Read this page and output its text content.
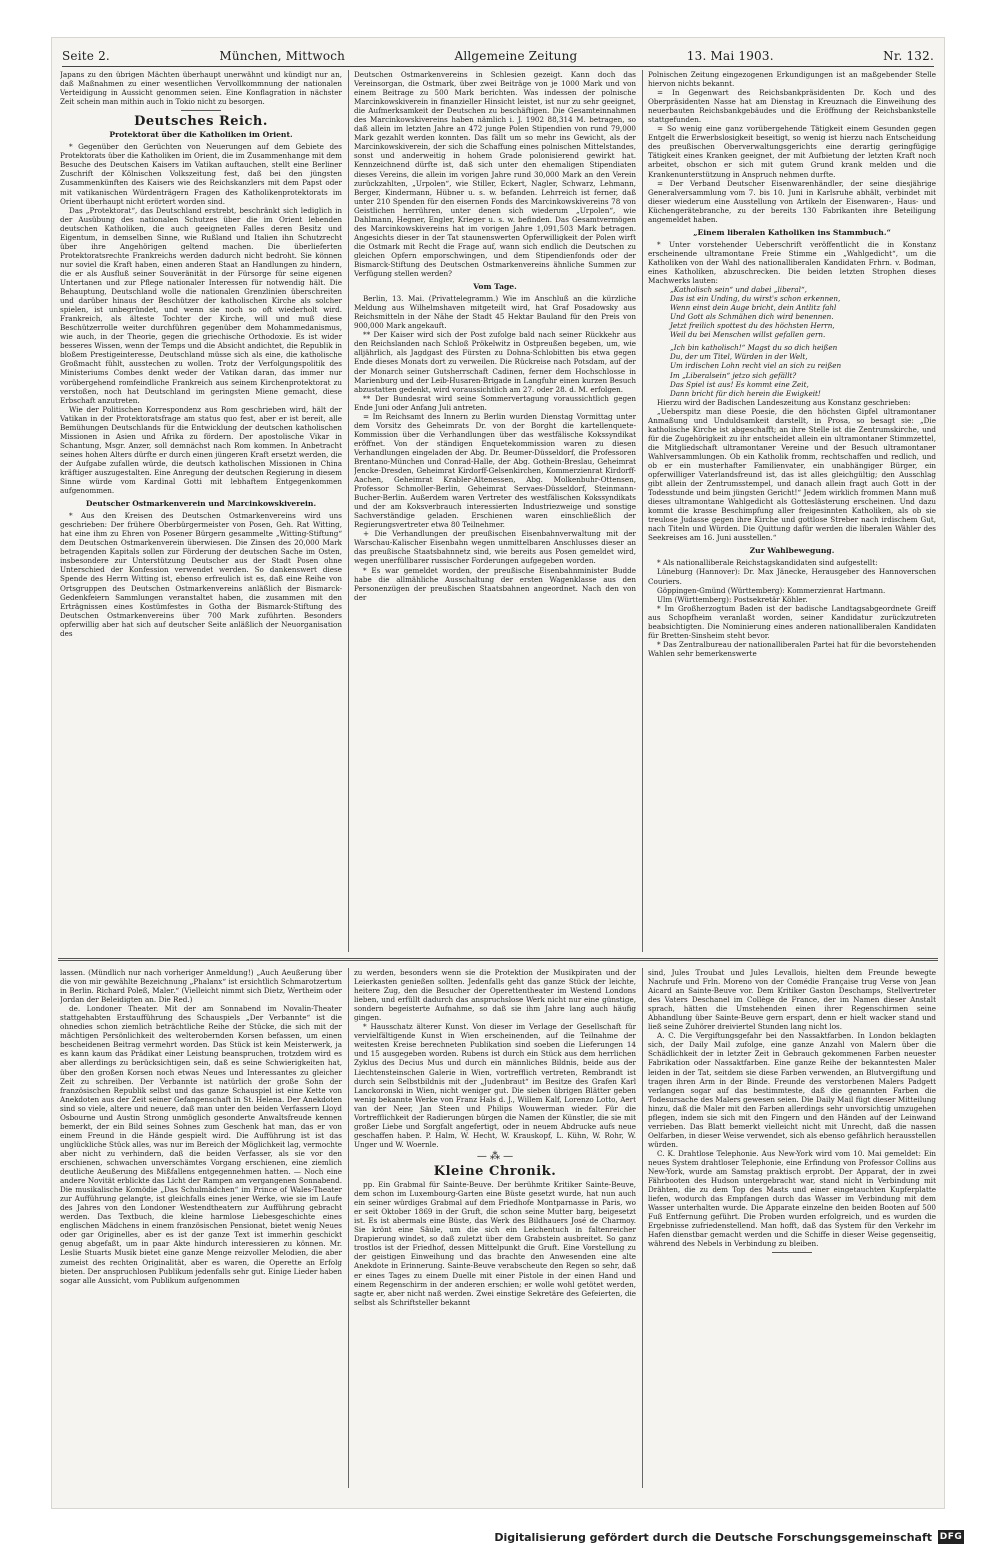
Seite 2.	München, Mittwoch	Allgemeine Zeitung	13. Mai 1903.	Nr. 132.

Japans zu den übrigen Mächten überhaupt unerwähnt und kündigt nur an, daß Maßnahmen zu einer wesentlichen Vervollkommnung der nationalen Verteidigung in Aussicht genommen seien. Eine Konflagration in nächster Zeit schein man mithin auch in Tokio nicht zu besorgen.

Deutsches Reich.
Protektorat über die Katholiken im Orient.

* Gegenüber den Gerüchten von Neuerungen auf dem Gebiete des Protektorats über die Katholiken im Orient, die im Zusammenhange mit dem Besuche des Deutschen Kaisers im Vatikan auftauchen, stellt eine Berliner Zuschrift der Kölnischen Volkszeitung fest, daß bei den jüngsten Zusammenkünften des Kaisers wie des Reichskanzlers mit dem Papst oder mit vatikanischen Würdenträgern Fragen des Katholikenprotektorats im Orient überhaupt nicht erörtert worden sind.

Das „Protektorat“, das Deutschland erstrebt, beschränkt sich lediglich in der Ausübung des nationalen Schutzes über die im Orient lebenden deutschen Katholiken, die auch geeigneten Falles deren Besitz und Eigentum, in demselben Sinne, wie Rußland und Italien ihn Schutzrecht über ihre Angehörigen geltend machen. Die überlieferten Protektoratsrechte Frankreichs werden dadurch nicht bedroht. Sie können nur soviel die Kraft haben, einen anderen Staat an Handlungen zu hindern, die er als Ausfluß seiner Souveränität in der Fürsorge für seine eigenen Untertanen und zur Pflege nationaler Interessen für notwendig hält. Die Behauptung, Deutschland wolle die nationalen Grenzlinien überschreiten und darüber hinaus der Beschützer der katholischen Kirche als solcher spielen, ist unbegründet, und wenn sie noch so oft wiederholt wird. Frankreich, als älteste Tochter der Kirche, will und muß diese Beschützerrolle weiter durchführen gegenüber dem Mohammedanismus, wie auch, in der Theorie, gegen die griechische Orthodoxie. Es ist wider besseres Wissen, wenn der Temps und die Absicht andichtet, die Republik in bloßem Prestigeinteresse, Deutschland müsse sich als eine, die katholische Großmacht fühlt, ausstechen zu wollen. Trotz der Verfolgungspolitik des Ministeriums Combes denkt weder der Vatikan daran, das immer nur vorübergehend romfeindliche Frankreich aus seinem Kirchenprotektorat zu verstoßen, noch hat Deutschland im geringsten Miene gemacht, diese Erbschaft anzutreten.

Wie der Politischen Korrespondenz aus Rom geschrieben wird, hält der Vatikan in der Protektoratsfrage am status quo fest, aber er ist bereit, alle Bemühungen Deutschlands für die Entwicklung der deutschen katholischen Missionen in Asien und Afrika zu fördern. Der apostolische Vikar in Schantung, Msgr. Anzer, soll demnächst nach Rom kommen. In Anbetracht seines hohen Alters dürfte er durch einen jüngeren Kraft ersetzt werden, die der Aufgabe zufallen würde, die deutsch katholischen Missionen in China kräftiger auszugestalten. Eine Anregung der deutschen Regierung in diesem Sinne würde vom Kardinal Gotti mit lebhaftem Entgegenkommen aufgenommen.

Deutscher Ostmarkenverein und Marcinkowskiverein.

* Aus den Kreisen des Deutschen Ostmarkenvereins wird uns geschrieben: Der frühere Oberbürgermeister von Posen, Geh. Rat Witting, hat eine ihm zu Ehren von Posener Bürgern gesammelte „Witting-Stiftung“ dem Deutschen Ostmarkenverein überwiesen. Die Zinsen des 20,000 Mark betragenden Kapitals sollen zur Förderung der deutschen Sache im Osten, insbesondere zur Unterstützung Deutscher aus der Stadt Posen ohne Unterschied der Konfession verwendet werden. So dankenswert diese Spende des Herrn Witting ist, ebenso erfreulich ist es, daß eine Reihe von Ortsgruppen des Deutschen Ostmarkenvereins anläßlich der Bismarck-Gedenkfeiern Sammlungen veranstaltet haben, die zusammen mit den Erträgnissen eines Kostümfestes in Gotha der Bismarck-Stiftung des Deutschen Ostmarkenvereins über 700 Mark zuführten. Besonders opferwillig aber hat sich auf deutscher Seite anläßlich der Neuorganisation des

Deutschen Ostmarkenvereins in Schlesien gezeigt. Kann doch das Vereinsorgan, die Ostmark, über zwei Beiträge von je 1000 Mark und von einem Beitrage zu 500 Mark berichten. Was indessen der polnische Marcinkowskiverein in finanzieller Hinsicht leistet, ist nur zu sehr geeignet, die Aufmerksamkeit der Deutschen zu beschäftigen. Die Gesamteinnahmen des Marcinkowskivereins haben nämlich i. J. 1902 88,314 M. betragen, so daß allein im letzten Jahre an 472 junge Polen Stipendien von rund 79,000 Mark gezahlt werden konnten. Das fällt um so mehr ins Gewicht, als der Marcinkowskiverein, der sich die Schaffung eines polnischen Mittelstandes, sonst und anderweitig in hohem Grade polonisierend gewirkt hat. Kennzeichnend dürfte ist, daß sich unter den ehemaligen Stipendiaten dieses Vereins, die allein im vorigen Jahre rund 30,000 Mark an den Verein zurückzahlten, „Urpolen“, wie Stiller, Eckert, Nagler, Schwarz, Lehmann, Berger, Kindermann, Hübner u. s. w. befanden. Lehrreich ist ferner, daß unter 210 Spenden für den eisernen Fonds des Marcinkowskivereins 78 von Geistlichen herrühren, unter denen sich wiederum „Urpolen“, wie Dahlmann, Hegner, Engler, Krieger u. s. w. befinden. Das Gesamtvermögen des Marcinkowskivereins hat im vorigen Jahre 1,091,503 Mark betragen. Angesichts dieser in der Tat staunenswerten Opferwilligkeit der Polen wirft die Ostmark mit Recht die Frage auf, wann sich endlich die Deutschen zu gleichen Opfern emporschwingen, und dem Stipendienfonds oder der Bismarck-Stiftung des Deutschen Ostmarkenvereins ähnliche Summen zur Verfügung stellen werden?

Vom Tage.

Berlin, 13. Mai. (Privattelegramm.) Wie im Anschluß an die kürzliche Meldung aus Wilhelmshaven mitgeteilt wird, hat Graf Posadowsky aus Reichsmitteln in der Nähe der Stadt 45 Hektar Bauland für den Preis von 900,000 Mark angekauft.

** Der Kaiser wird sich der Post zufolge bald nach seiner Rückkehr aus den Reichslanden nach Schloß Prökelwitz in Ostpreußen begeben, um, wie alljährlich, als Jagdgast des Fürsten zu Dohna-Schlobitten bis etwa gegen Ende dieses Monats dort zu verweilen. Die Rückreise nach Potsdam, auf der der Monarch seiner Gutsherrschaft Cadinen, ferner dem Hochschlosse in Marienburg und der Leib-Husaren-Brigade in Langfuhr einen kurzen Besuch abzustatten gedenkt, wird voraussichtlich am 27. oder 28. d. M. erfolgen.

** Der Bundesrat wird seine Sommervertagung voraussichtlich gegen Ende Juni oder Anfang Juli antreten.

= Im Reichsamt des Innern zu Berlin wurden Dienstag Vormittag unter dem Vorsitz des Geheimrats Dr. von der Borght die kartellenquete-Kommission über die Verhandlungen über das westfälische Kokssyndikat eröffnet. Von der ständigen Enquetekommission waren zu diesen Verhandlungen eingeladen der Abg. Dr. Beumer-Düsseldorf, die Professoren Brentano-München und Conrad-Halle, der Abg. Gothein-Breslau, Geheimrat Jencke-Dresden, Geheimrat Kirdorff-Gelsenkirchen, Kommerzienrat Kirdorff-Aachen, Geheimrat Krabler-Altenessen, Abg. Molkenbuhr-Ottensen, Professor Schmoller-Berlin, Geheimrat Servaes-Düsseldorf, Steinmann-Bucher-Berlin. Außerdem waren Vertreter des westfälischen Kokssyndikats und der am Koksverbrauch interessierten Industriezweige und sonstige Sachverständige geladen. Erschienen waren einschließlich der Regierungsvertreter etwa 80 Teilnehmer.

+ Die Verhandlungen der preußischen Eisenbahnverwaltung mit der Warschau-Kalischer Eisenbahn wegen unmittelbaren Anschlusses dieser an das preußische Staatsbahnnetz sind, wie bereits aus Posen gemeldet wird, wegen unerfüllbarer russischer Forderungen aufgegeben worden.

* Es war gemeldet worden, der preußische Eisenbahnminister Budde habe die allmähliche Ausschaltung der ersten Wagenklasse aus den Personenzügen der preußischen Staatsbahnen angeordnet. Nach den von der

Polnischen Zeitung eingezogenen Erkundigungen ist an maßgebender Stelle hiervon nichts bekannt.

= In Gegenwart des Reichsbankpräsidenten Dr. Koch und des Oberpräsidenten Nasse hat am Dienstag in Kreuznach die Einweihung des neuerbauten Reichsbankgebäudes und die Eröffnung der Reichsbankstelle stattgefunden.

= So wenig eine ganz vorübergehende Tätigkeit einem Gesunden gegen Entgelt die Erwerbslosigkeit beseitigt, so wenig ist hierzu nach Entscheidung des preußischen Oberverwaltungsgerichts eine derartig geringfügige Tätigkeit eines Kranken geeignet, der mit Aufbietung der letzten Kraft noch arbeitet, obschon er sich mit gutem Grund krank melden und die Krankenunterstützung in Anspruch nehmen durfte.

= Der Verband Deutscher Eisenwarenhändler, der seine diesjährige Generalversammlung vom 7. bis 10. Juni in Karlsruhe abhält, verbindet mit dieser wiederum eine Ausstellung von Artikeln der Eisenwaren-, Haus- und Küchengerätebranche, zu der bereits 130 Fabrikanten ihre Beteiligung angemeldet haben.

„Einem liberalen Katholiken ins Stammbuch.“

* Unter vorstehender Ueberschrift veröffentlicht die in Konstanz erscheinende ultramontane Freie Stimme ein „Wahlgedicht“, um die Katholiken von der Wahl des nationalliberalen Kandidaten Frhrn. v. Bodman, eines Katholiken, abzuschrecken. Die beiden letzten Strophen dieses Machwerks lauten:

„Katholisch sein“ und dabei „liberal“,
Das ist ein Unding, du wirst's schon erkennen,
Wenn einst dein Auge bricht, dein Antlitz fahl
Und Gott als Schmähen dich wird benennen.
Jetzt freilich spottest du des höchsten Herrn,
Weil du bei Menschen willst gefallen gern.
„Ich bin katholisch!“ Magst du so dich heißen
Du, der um Titel, Würden in der Welt,
Um irdischen Lohn recht viel an sich zu reißen
Im „Liberalsein“ jetzo sich gefällt?
Das Spiel ist aus! Es kommt eine Zeit,
Dann bricht für dich herein die Ewigkeit!

Hierzu wird der Badischen Landeszeitung aus Konstanz geschrieben:

„Ueberspitz man diese Poesie, die den höchsten Gipfel ultramontaner Anmaßung und Unduldsamkeit darstellt, in Prosa, so besagt sie: „Die katholische Kirche ist abgeschafft; an ihre Stelle ist die Zentrumskirche, und für die Zugehörigkeit zu ihr entscheidet allein ein ultramontaner Stimmzettel, die Mitgliedschaft ultramontaner Vereine und der Besuch ultramontaner Wahlversammlungen. Ob ein Katholik fromm, rechtschaffen und redlich, und ob er ein musterhafter Familienvater, ein unabhängiger Bürger, ein opferwilliger Vaterlandsfreund ist, das ist alles gleichgültig; den Ausschlag gibt allein der Zentrumsstempel, und danach allein fragt auch Gott in der Todesstunde und beim jüngsten Gericht!“ Jedem wirklich frommen Mann muß dieses ultramontane Wahlgedicht als Gotteslästerung erscheinen. Und dazu kommt die krasse Beschimpfung aller freigesinnten Katholiken, als ob sie treulose Judasse gegen ihre Kirche und gottlose Streber nach irdischem Gut, nach Titeln und Würden. Die Quittung dafür werden die liberalen Wähler des Seekreises am 16. Juni ausstellen.“

Zur Wahlbewegung.

* Als nationalliberale Reichstagskandidaten sind aufgestellt:

Lüneburg (Hannover): Dr. Max Jänecke, Herausgeber des Hannoverschen Couriers.

Göppingen-Gmünd (Württemberg): Kommerzienrat Hartmann.

Ulm (Württemberg): Postsekretär Köhler.

* Im Großherzogtum Baden ist der badische Landtagsabgeordnete Greiff aus Schopfheim veranlaßt worden, seiner Kandidatur zurückzutreten beabsichtigten. Die Nominierung eines anderen nationalliberalen Kandidaten für Bretten-Sinsheim steht bevor.

* Das Zentralbureau der nationalliberalen Partei hat für die bevorstehenden Wahlen sehr bemerkenswerte

lassen. (Mündlich nur nach vorheriger Anmeldung!) „Auch Aeußerung über die von mir gewählte Bezeichnung „Phalanx“ ist ersichtlich Schmarotzertum in Berlin. Richard Poleß, Maler.“ (Vielleicht nimmt sich Dietz, Wertheim oder Jordan der Beleidigten an. Die Red.)

de. Londoner Theater. Mit der am Sonnabend im Novalin-Theater stattgehabten Erstaufführung des Schauspiels „Der Verbannte“ ist die ohnedies schon ziemlich beträchtliche Reihe der Stücke, die sich mit der mächtigen Persönlichkeit des welterobernden Korsen befassen, um einen bescheidenen Beitrag vermehrt worden. Das Stück ist kein Meisterwerk, ja es kann kaum das Prädikat einer Leistung beanspruchen, trotzdem wird es aber allerdings zu berücksichtigen sein, daß es seine Schwierigkeiten hat, über den großen Korsen noch etwas Neues und Interessantes zu gleicher Zeit zu schreiben. Der Verbannte ist natürlich der große Sohn der französischen Republik selbst und das ganze Schauspiel ist eine Kette von Anekdoten aus der Zeit seiner Gefangenschaft in St. Helena. Der Anekdoten sind so viele, altere und neuere, daß man unter den beiden Verfassern Lloyd Osbourne und Austin Strong unmöglich gesonderte Anwaltsfreude kennen bemerkt, der ein Bild seines Sohnes zum Geschenk hat man, das er von einem Freund in die Hände gespielt wird. Die Aufführung ist ist das unglückliche Stück alles, was nur im Bereich der Möglichkeit lag, vermochte aber nicht zu verhindern, daß die beiden Verfasser, als sie vor den erschienen, schwachen unverschämtes Vorgang erschienen, eine ziemlich deutliche Aeußerung des Mißfallens entgegennehmen hatten. — Noch eine andere Novität erblickte das Licht der Rampen am vergangenen Sonnabend. Die musikalische Komödie „Das Schulmädchen“ im Prince of Wales-Theater zur Aufführung gelangte, ist gleichfalls eines jener Werke, wie sie im Laufe des Jahres von den Londoner Westendtheatern zur Aufführung gebracht werden. Das Textbuch, die kleine harmlose Liebesgeschichte eines englischen Mädchens in einem französischen Pensionat, bietet wenig Neues oder gar Originelles, aber es ist der ganze Text ist immerhin geschickt genug abgefaßt, um in paar Akte hindurch interessieren zu können. Mr. Leslie Stuarts Musik bietet eine ganze Menge reizvoller Melodien, die aber zumeist des rechten Originalität, aber es waren, die Operette an Erfolg bieten. Der anspruchlosen Publikum jedenfalls sehr gut. Einige Lieder haben sogar alle Aussicht, vom Publikum aufgenommen

zu werden, besonders wenn sie die Protektion der Musikpiraten und der Leierkasten genießen sollten. Jedenfalls geht das ganze Stück der leichte, heitere Zug, den die Besucher der Operettentheater im Westend Londons lieben, und erfüllt dadurch das anspruchslose Werk nicht nur eine günstige, sondern begeisterte Aufnahme, so daß sie ihm Jahre lang auch häufig gingen.

* Hausschatz älterer Kunst. Von dieser im Verlage der Gesellschaft für vervielfältigende Kunst in Wien erscheinenden, auf die Teilnahme der weitesten Kreise berechneten Publikation sind soeben die Lieferungen 14 und 15 ausgegeben worden. Rubens ist durch ein Stück aus dem herrlichen Zyklus des Decius Mus und durch ein männliches Bildnis, beide aus der Liechtensteinschen Galerie in Wien, vortrefflich vertreten, Rembrandt ist durch sein Selbstbildnis mit der „Judenbraut“ im Besitze des Grafen Karl Lanckoronski in Wien, nicht weniger gut. Die sieben übrigen Blätter geben wenig bekannte Werke von Franz Hals d. J., Willem Kalf, Lorenzo Lotto, Aert van der Neer, Jan Steen und Philips Wouwerman wieder. Für die Vortrefflichkeit der Radierungen bürgen die Namen der Künstler, die sie mit großer Liebe und Sorgfalt angefertigt, oder in neuem Abdrucke aufs neue geschaffen haben. P. Halm, W. Hecht, W. Krauskopf, L. Kühn, W. Rohr, W. Unger und W. Woernle.

— ⁂ —
Kleine Chronik.

pp. Ein Grabmal für Sainte-Beuve. Der berühmte Kritiker Sainte-Beuve, dem schon im Luxembourg-Garten eine Büste gesetzt wurde, hat nun auch ein seiner würdiges Grabmal auf dem Friedhofe Montparnasse in Paris, wo er seit Oktober 1869 in der Gruft, die schon seine Mutter barg, beigesetzt ist. Es ist abermals eine Büste, das Werk des Bildhauers José de Charmoy. Sie krönt eine Säule, um die sich ein Leichentuch in faltenreicher Drapierung windet, so daß zuletzt über dem Grabstein ausbreitet. So ganz trostlos ist der Friedhof, dessen Mittelpunkt die Gruft. Eine Vorstellung zu der geistigen Einweihung und das brachte den Anwesenden eine alte Anekdote in Erinnerung. Sainte-Beuve verabscheute den Regen so sehr, daß er eines Tages zu einem Duelle mit einer Pistole in der einen Hand und einem Regenschirm in der anderen erschien; er wolle wohl getötet werden, sagte er, aber nicht naß werden. Zwei einstige Sekretäre des Gefeierten, die selbst als Schriftsteller bekannt

sind, Jules Troubat und Jules Levallois, hielten dem Freunde bewegte Nachrufe und Frln. Moreno von der Comédie Française trug Verse von Jean Aicard an Sainte-Beuve vor. Dem Kritiker Gaston Deschamps, Stellvertreter des Vaters Deschanel im Collège de France, der im Namen dieser Anstalt sprach, hätten die Umstehenden einen ihrer Regenschirmen seine Abhandlung über Sainte-Beuve gern erspart, denn er hielt wacker stand und ließ seine Zuhörer dreiviertel Stunden lang nicht los.

A. C. Die Vergiftungsgefahr bei den Nassaktfarben. In London beklagten sich, der Daily Mail zufolge, eine ganze Anzahl von Malern über die Schädlichkeit der in letzter Zeit in Gebrauch gekommenen Farben neuester Fabrikation oder Nassaktfarben. Eine ganze Reihe der bekanntesten Maler leiden in der Tat, seitdem sie diese Farben verwenden, an Blutvergiftung und tragen ihren Arm in der Binde. Freunde des verstorbenen Malers Padgett verlangen sogar auf das bestimmteste, daß die genannten Farben die Todesursache des Malers gewesen seien. Die Daily Mail fügt dieser Mitteilung hinzu, daß die Maler mit den Farben allerdings sehr unvorsichtig umzugehen pflegen, indem sie sich mit den Fingern und den Händen auf der Leinwand verrieben. Das Blatt bemerkt vielleicht nicht mit Unrecht, daß die nassen Oelfarben, in dieser Weise verwendet, sich als ebenso gefährlich herausstellen würden.

C. K. Drahtlose Telephonie. Aus New-York wird vom 10. Mai gemeldet: Ein neues System drahtloser Telephonie, eine Erfindung von Professor Collins aus New-York, wurde am Samstag praktisch erprobt. Der Apparat, der in zwei Fährbooten des Hudson untergebracht war, stand nicht in Verbindung mit Drähten, die zu dem Top des Masts und einer eingetauchten Kupferplatte liefen, wodurch das Empfangen durch das Wasser im Verbindung mit dem Wasser unterhalten wurde. Die Apparate einzelne den beiden Booten auf 500 Fuß Entfernung geführt. Die Proben wurden erfolgreich, und es wurden die Ergebnisse zufriedenstellend. Man hofft, daß das System für den Verkehr im Hafen dienstbar gemacht werden und die Schiffe in dieser Weise gegenseitig, während des Nebels in Verbindung zu bleiben.

Digitalisierung gefördert durch die Deutsche Forschungsgemeinschaft DFG
